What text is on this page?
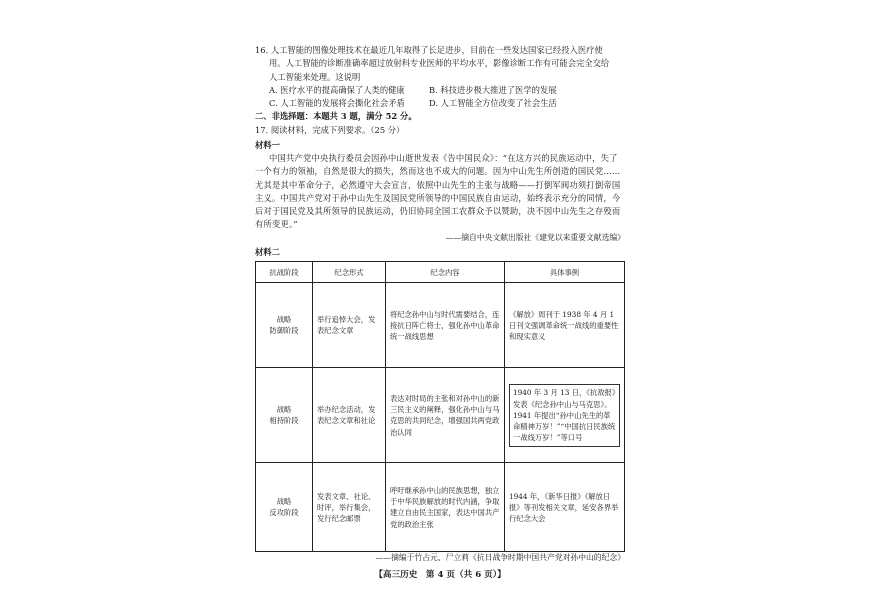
16. 人工智能的图像处理技术在最近几年取得了长足进步，目前在一些发达国家已经投入医疗使
用。人工智能的诊断准确率超过放射科专业医师的平均水平，影像诊断工作有可能会完全交给
人工智能来处理。这说明
A. 医疗水平的提高确保了人类的健康	B. 科技进步极大推进了医学的发展
C. 人工智能的发展将会撕化社会矛盾	D. 人工智能全方位改变了社会生活
二、非选择题：本题共 3 题，满分 52 分。
17. 阅读材料，完成下列要求。（25 分）
材料一
中国共产党中央执行委员会因孙中山逝世发表《告中国民众》：“在这方兴的民族运动中，失了一个有力的领袖，自然是很大的损失，然而这也不成大的问题。因为中山先生所创造的国民党……尤其是其中革命分子，必然遵守大会宣言，依照中山先生的主张与战略——打倒军阀功须打倒帝国主义。中国共产党对于孙中山先生及国民党所领导的中国民族自由运动，始终表示充分的同情，今后对于国民党及其所领导的民族运动，仍旧协同全国工农群众予以赞助，决不因中山先生之存殁而有所变更。”
——摘自中央文献出版社《建党以来重要文献选编》
材料二
抗战阶段	纪念形式	纪念内容	具体事例
战略
防御阶段	举行追悼大会，发表纪念文章	将纪念孙中山与时代需要结合，连接抗日阵亡将士，强化孙中山革命统一战线思想	《解放》周刊于 1938 年 4 月 1 日刊文强调革命统一战线的重要性和现实意义
战略
相持阶段	举办纪念活动，发表纪念文章和社论	表达对时局的主张和对孙中山的新三民主义的阐释，强化孙中山与马克思的共同纪念，增强国共两党政治认同	1940 年 3 月 13 日，《抗敌报》发表《纪念孙中山与马克思》。1941 年提出“孙中山先生的革命精神万岁！”“中国抗日民族统一战线万岁！”等口号

战略
反攻阶段	发表文章、社论、时评，举行集会，发行纪念邮票	呼吁继承孙中山的民族思想，独立于中华民族解放的时代内涵，争取建立自由民主国家，表达中国共产党的政治主张	1944 年，《新华日报》《解放日报》等刊发相关文章，延安各界举行纪念大会
——摘编于竹占元、尸立莉《抗日战争时期中国共产党对孙中山的纪念》
【高三历史　第 4 页（共 6 页）】
